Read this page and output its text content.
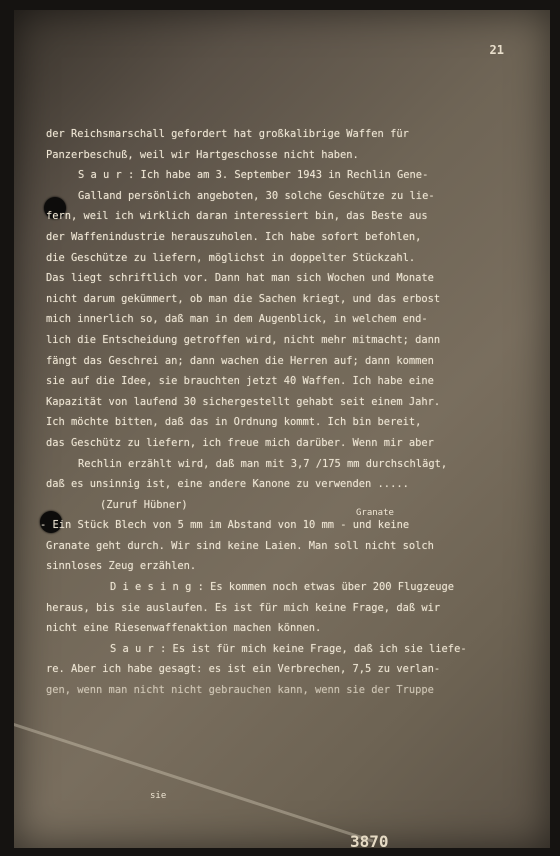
21
der Reichsmarschall gefordert hat großkalibrige Waffen für
Panzerbeschuß, weil wir Hartgeschosse nicht haben.
S a u r : Ich habe am 3. September 1943 in Rechlin Gene-
Galland persönlich angeboten, 30 solche Geschütze zu lie-
fern, weil ich wirklich daran interessiert bin, das Beste aus
der Waffenindustrie herauszuholen. Ich habe sofort befohlen,
die Geschütze zu liefern, möglichst in doppelter Stückzahl.
Das liegt schriftlich vor. Dann hat man sich Wochen und Monate
nicht darum gekümmert, ob man die Sachen kriegt, und das erbost
mich innerlich so, daß man in dem Augenblick, in welchem end-
lich die Entscheidung getroffen wird, nicht mehr mitmacht; dann
fängt das Geschrei an; dann wachen die Herren auf; dann kommen
sie auf die Idee, sie brauchten jetzt 40 Waffen. Ich habe eine
Kapazität von laufend 30 sichergestellt gehabt seit einem Jahr.
Ich möchte bitten, daß das in Ordnung kommt. Ich bin bereit,
das Geschütz zu liefern, ich freue mich darüber. Wenn mir aber
Rechlin erzählt wird, daß man mit 3,7 /175 mm durchschlägt,
daß es unsinnig ist, eine andere Kanone zu verwenden .....
(Zuruf Hübner)
- Ein Stück Blech von 5 mm im Abstand von 10 mm - und keine
Granate geht durch. Wir sind keine Laien. Man soll nicht solch
sinnloses Zeug erzählen.
D i e s i n g : Es kommen noch etwas über 200 Flugzeuge
heraus, bis sie auslaufen. Es ist für mich keine Frage, daß wir
nicht eine Riesenwaffenaktion machen können.
S a u r : Es ist für mich keine Frage, daß ich sie liefe-
re. Aber ich habe gesagt: es ist ein Verbrechen, 7,5 zu verlan-
gen, wenn man nicht nicht gebrauchen kann, wenn sie der Truppe
Granate
sie
3870
